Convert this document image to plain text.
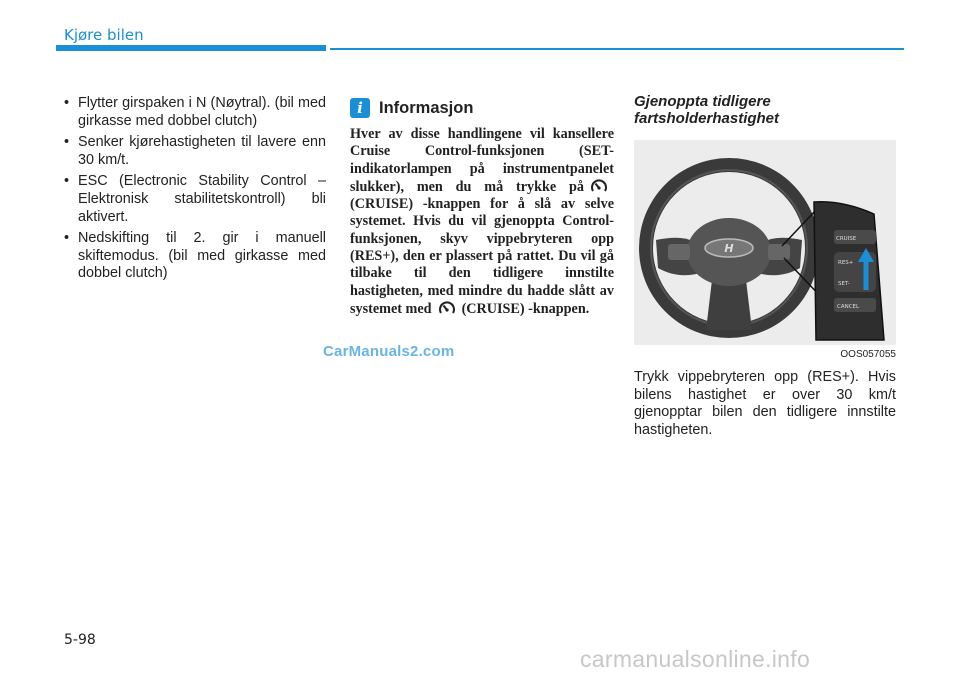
Kjøre bilen
• Flytter girspaken i N (Nøytral). (bil med girkasse med dobbel clutch)
• Senker kjørehastigheten til lavere enn 30 km/t.
• ESC (Electronic Stability Control – Elektronisk stabilitetskontroll) bli aktivert.
• Nedskifting til 2. gir i manuell skiftemodus. (bil med girkasse med dobbel clutch)
i Informasjon
Hver av disse handlingene vil kansellere Cruise Control-funksjonen (SET-indikatorlampen på instrumentpanelet slukker), men du må trykke på(CRUISE) -knappen for å slå av selve systemet. Hvis du vil gjenoppta Control-funksjonen, skyv vippebryteren opp (RES+), den er plassert på rattet. Du vil gå tilbake til den tidligere innstilte hastigheten, med mindre du hadde slått av systemet med (CRUISE) -knappen.
CarManuals2.com
Gjenoppta tidligere fartsholderhastighet
H
CRUISE
RES+
SET-
CANCEL
OOS057055
Trykk vippebryteren opp (RES+). Hvis bilens hastighet er over 30 km/t gjenopptar bilen den tidligere innstilte hastigheten.
5-98
carmanualsonline.info
